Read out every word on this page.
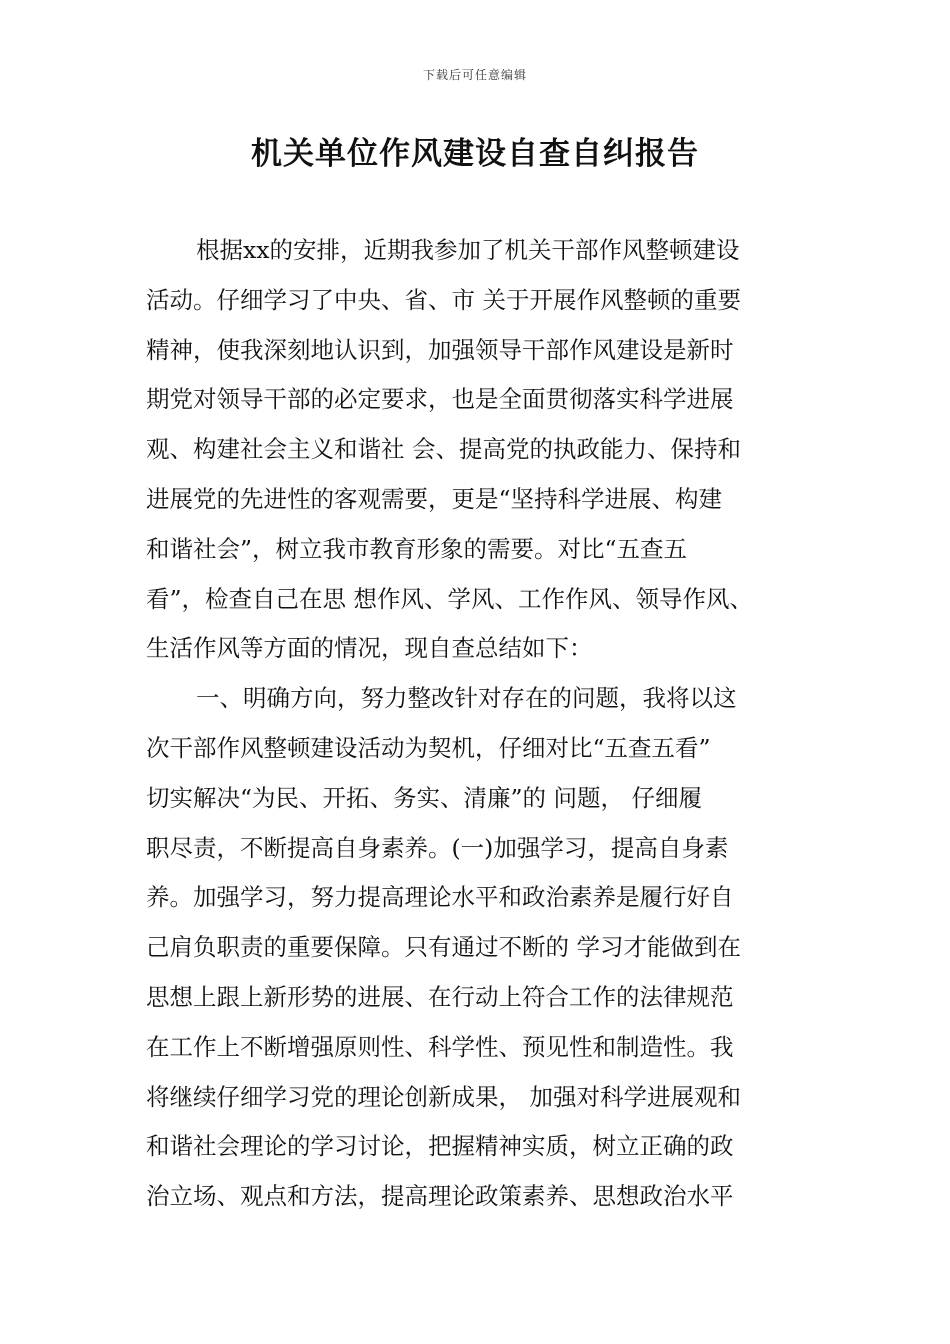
下载后可任意编辑
机关单位作风建设自查自纠报告
根据xx的安排，近期我参加了机关干部作风整顿建设
活动。仔细学习了中央、省、市 关于开展作风整顿的重要
精神，使我深刻地认识到，加强领导干部作风建设是新时
期党对领导干部的必定要求，也是全面贯彻落实科学进展
观、构建社会主义和谐社 会、提高党的执政能力、保持和
进展党的先进性的客观需要，更是“坚持科学进展、构建
和谐社会”，树立我市教育形象的需要。对比“五查五
看”，检查自己在思 想作风、学风、工作作风、领导作风、
生活作风等方面的情况，现自查总结如下：
一、明确方向，努力整改针对存在的问题，我将以这
次干部作风整顿建设活动为契机，仔细对比“五查五看”
切实解决“为民、开拓、务实、清廉”的 问题， 仔细履
职尽责，不断提高自身素养。(一)加强学习，提高自身素
养。加强学习，努力提高理论水平和政治素养是履行好自
己肩负职责的重要保障。只有通过不断的 学习才能做到在
思想上跟上新形势的进展、在行动上符合工作的法律规范
在工作上不断增强原则性、科学性、预见性和制造性。我
将继续仔细学习党的理论创新成果， 加强对科学进展观和
和谐社会理论的学习讨论，把握精神实质，树立正确的政
治立场、观点和方法，提高理论政策素养、思想政治水平
